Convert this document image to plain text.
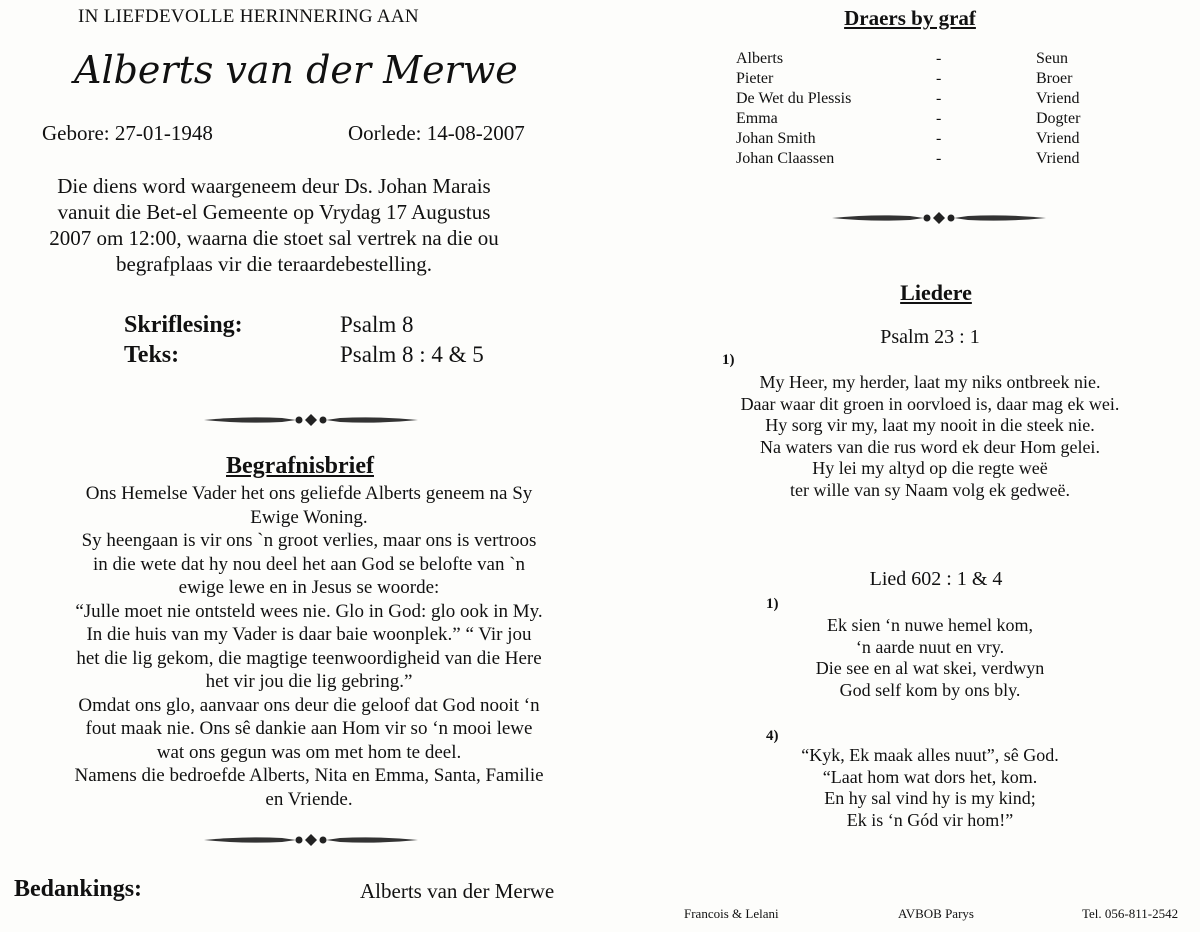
IN LIEFDEVOLLE HERINNERING AAN
Alberts van der Merwe
Gebore: 27-01-1948	Oorlede: 14-08-2007
Die diens word waargeneem deur Ds. Johan Marais
vanuit die Bet-el Gemeente op Vrydag 17 Augustus
2007 om 12:00, waarna die stoet sal vertrek na die ou
begrafplaas vir die teraardebestelling.
Skriflesing:	Psalm 8
Teks:	Psalm 8 : 4 & 5
Begrafnisbrief
Ons Hemelse Vader het ons geliefde Alberts geneem na Sy
Ewige Woning.
Sy heengaan is vir ons `n groot verlies, maar ons is vertroos
in die wete dat hy nou deel het aan God se belofte van `n
ewige lewe en in Jesus se woorde:
“Julle moet nie ontsteld wees nie. Glo in God: glo ook in My.
In die huis van my Vader is daar baie woonplek.” “ Vir jou
het die lig gekom, die magtige teenwoordigheid van die Here
het vir jou die lig gebring.”
Omdat ons glo, aanvaar ons deur die geloof dat God nooit ‘n
fout maak nie. Ons sê dankie aan Hom vir so ‘n mooi lewe
wat ons gegun was om met hom te deel.
Namens die bedroefde Alberts, Nita en Emma, Santa, Familie
en Vriende.
Bedankings:	Alberts van der Merwe
Draers by graf
Alberts	-	Seun
Pieter	-	Broer
De Wet du Plessis	-	Vriend
Emma	-	Dogter
Johan Smith	-	Vriend
Johan Claassen	-	Vriend
Liedere
Psalm 23 : 1
1)
My Heer, my herder, laat my niks ontbreek nie.
Daar waar dit groen in oorvloed is, daar mag ek wei.
Hy sorg vir my, laat my nooit in die steek nie.
Na waters van die rus word ek deur Hom gelei.
Hy lei my altyd op die regte weë
ter wille van sy Naam volg ek gedweë.
Lied 602 : 1 & 4
1)
Ek sien ‘n nuwe hemel kom,
‘n aarde nuut en vry.
Die see en al wat skei, verdwyn
God self kom by ons bly.
4)
“Kyk, Ek maak alles nuut”, sê God.
“Laat hom wat dors het, kom.
En hy sal vind hy is my kind;
Ek is ‘n Gód vir hom!”
Francois & Lelani	AVBOB Parys	Tel. 056-811-2542
